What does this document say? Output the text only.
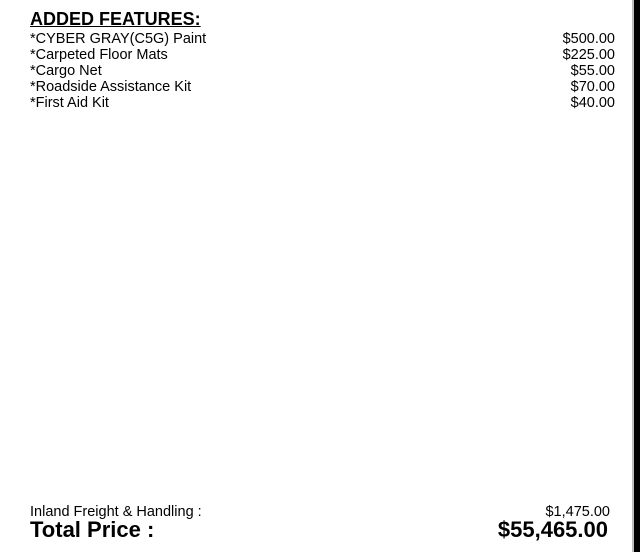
ADDED FEATURES:
*CYBER GRAY(C5G) Paint	$500.00
*Carpeted Floor Mats	$225.00
*Cargo Net	$55.00
*Roadside Assistance Kit	$70.00
*First Aid Kit	$40.00
Inland Freight & Handling :	$1,475.00
Total Price :	$55,465.00
